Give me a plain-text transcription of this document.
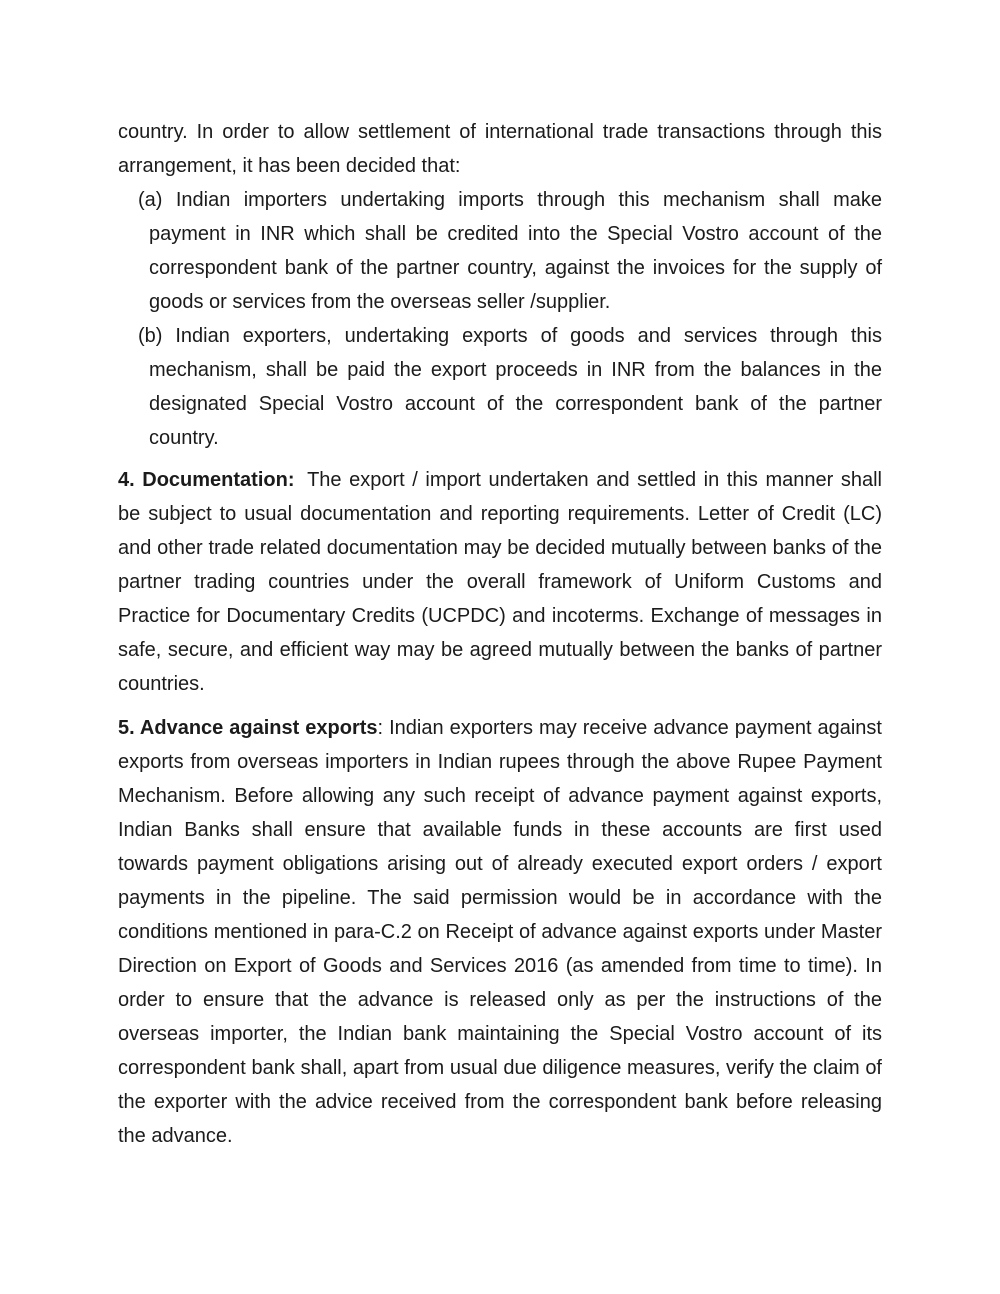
country. In order to allow settlement of international trade transactions through this arrangement, it has been decided that:

(a) Indian importers undertaking imports through this mechanism shall make payment in INR which shall be credited into the Special Vostro account of the correspondent bank of the partner country, against the invoices for the supply of goods or services from the overseas seller /supplier.

(b) Indian exporters, undertaking exports of goods and services through this mechanism, shall be paid the export proceeds in INR from the balances in the designated Special Vostro account of the correspondent bank of the partner country.

4. Documentation: The export / import undertaken and settled in this manner shall be subject to usual documentation and reporting requirements. Letter of Credit (LC) and other trade related documentation may be decided mutually between banks of the partner trading countries under the overall framework of Uniform Customs and Practice for Documentary Credits (UCPDC) and incoterms. Exchange of messages in safe, secure, and efficient way may be agreed mutually between the banks of partner countries.

5. Advance against exports: Indian exporters may receive advance payment against exports from overseas importers in Indian rupees through the above Rupee Payment Mechanism. Before allowing any such receipt of advance payment against exports, Indian Banks shall ensure that available funds in these accounts are first used towards payment obligations arising out of already executed export orders / export payments in the pipeline. The said permission would be in accordance with the conditions mentioned in para-C.2 on Receipt of advance against exports under Master Direction on Export of Goods and Services 2016 (as amended from time to time). In order to ensure that the advance is released only as per the instructions of the overseas importer, the Indian bank maintaining the Special Vostro account of its correspondent bank shall, apart from usual due diligence measures, verify the claim of the exporter with the advice received from the correspondent bank before releasing the advance.
